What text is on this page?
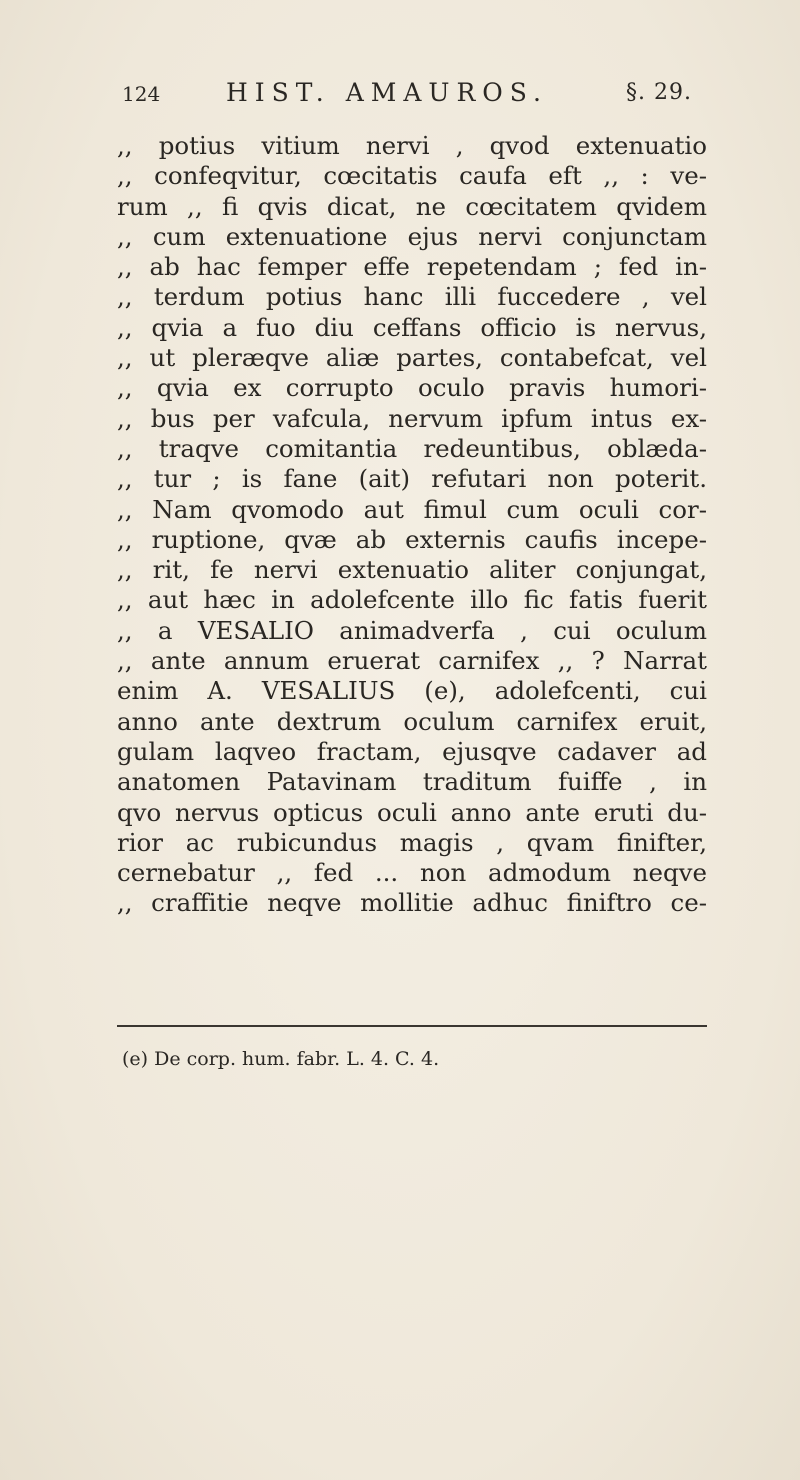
124	HIST. AMAUROS.	§. 29.
,, potius vitium nervi , qvod extenuatio
,, confeqvitur, cœcitatis caufa eft ,, : ve-
rum ,, fi qvis dicat, ne cœcitatem qvidem
,, cum extenuatione ejus nervi conjunctam
,, ab hac femper effe repetendam ; fed in-
,, terdum potius hanc illi fuccedere , vel
,, qvia a fuo diu ceffans officio is nervus,
,, ut pleræqve aliæ partes, contabefcat, vel
,, qvia ex corrupto oculo pravis humori-
,, bus per vafcula, nervum ipfum intus ex-
,, traqve comitantia redeuntibus, oblæda-
,, tur ; is fane (ait) refutari non poterit.
,, Nam qvomodo aut fimul cum oculi cor-
,, ruptione, qvæ ab externis caufis incepe-
,, rit, fe nervi extenuatio aliter conjungat,
,, aut hæc in adolefcente illo fic fatis fuerit
,, a VESALIO animadverfa , cui oculum
,, ante annum eruerat carnifex ,, ? Narrat
enim A. VESALIUS (e), adolefcenti, cui
anno ante dextrum oculum carnifex eruit,
gulam laqveo fractam, ejusqve cadaver ad
anatomen Patavinam traditum fuiffe , in
qvo nervus opticus oculi anno ante eruti du-
rior ac rubicundus magis , qvam finifter,
cernebatur ,, fed ... non admodum neqve
,, craffitie neqve mollitie adhuc finiftro ce-
(e) De corp. hum. fabr. L. 4. C. 4.
